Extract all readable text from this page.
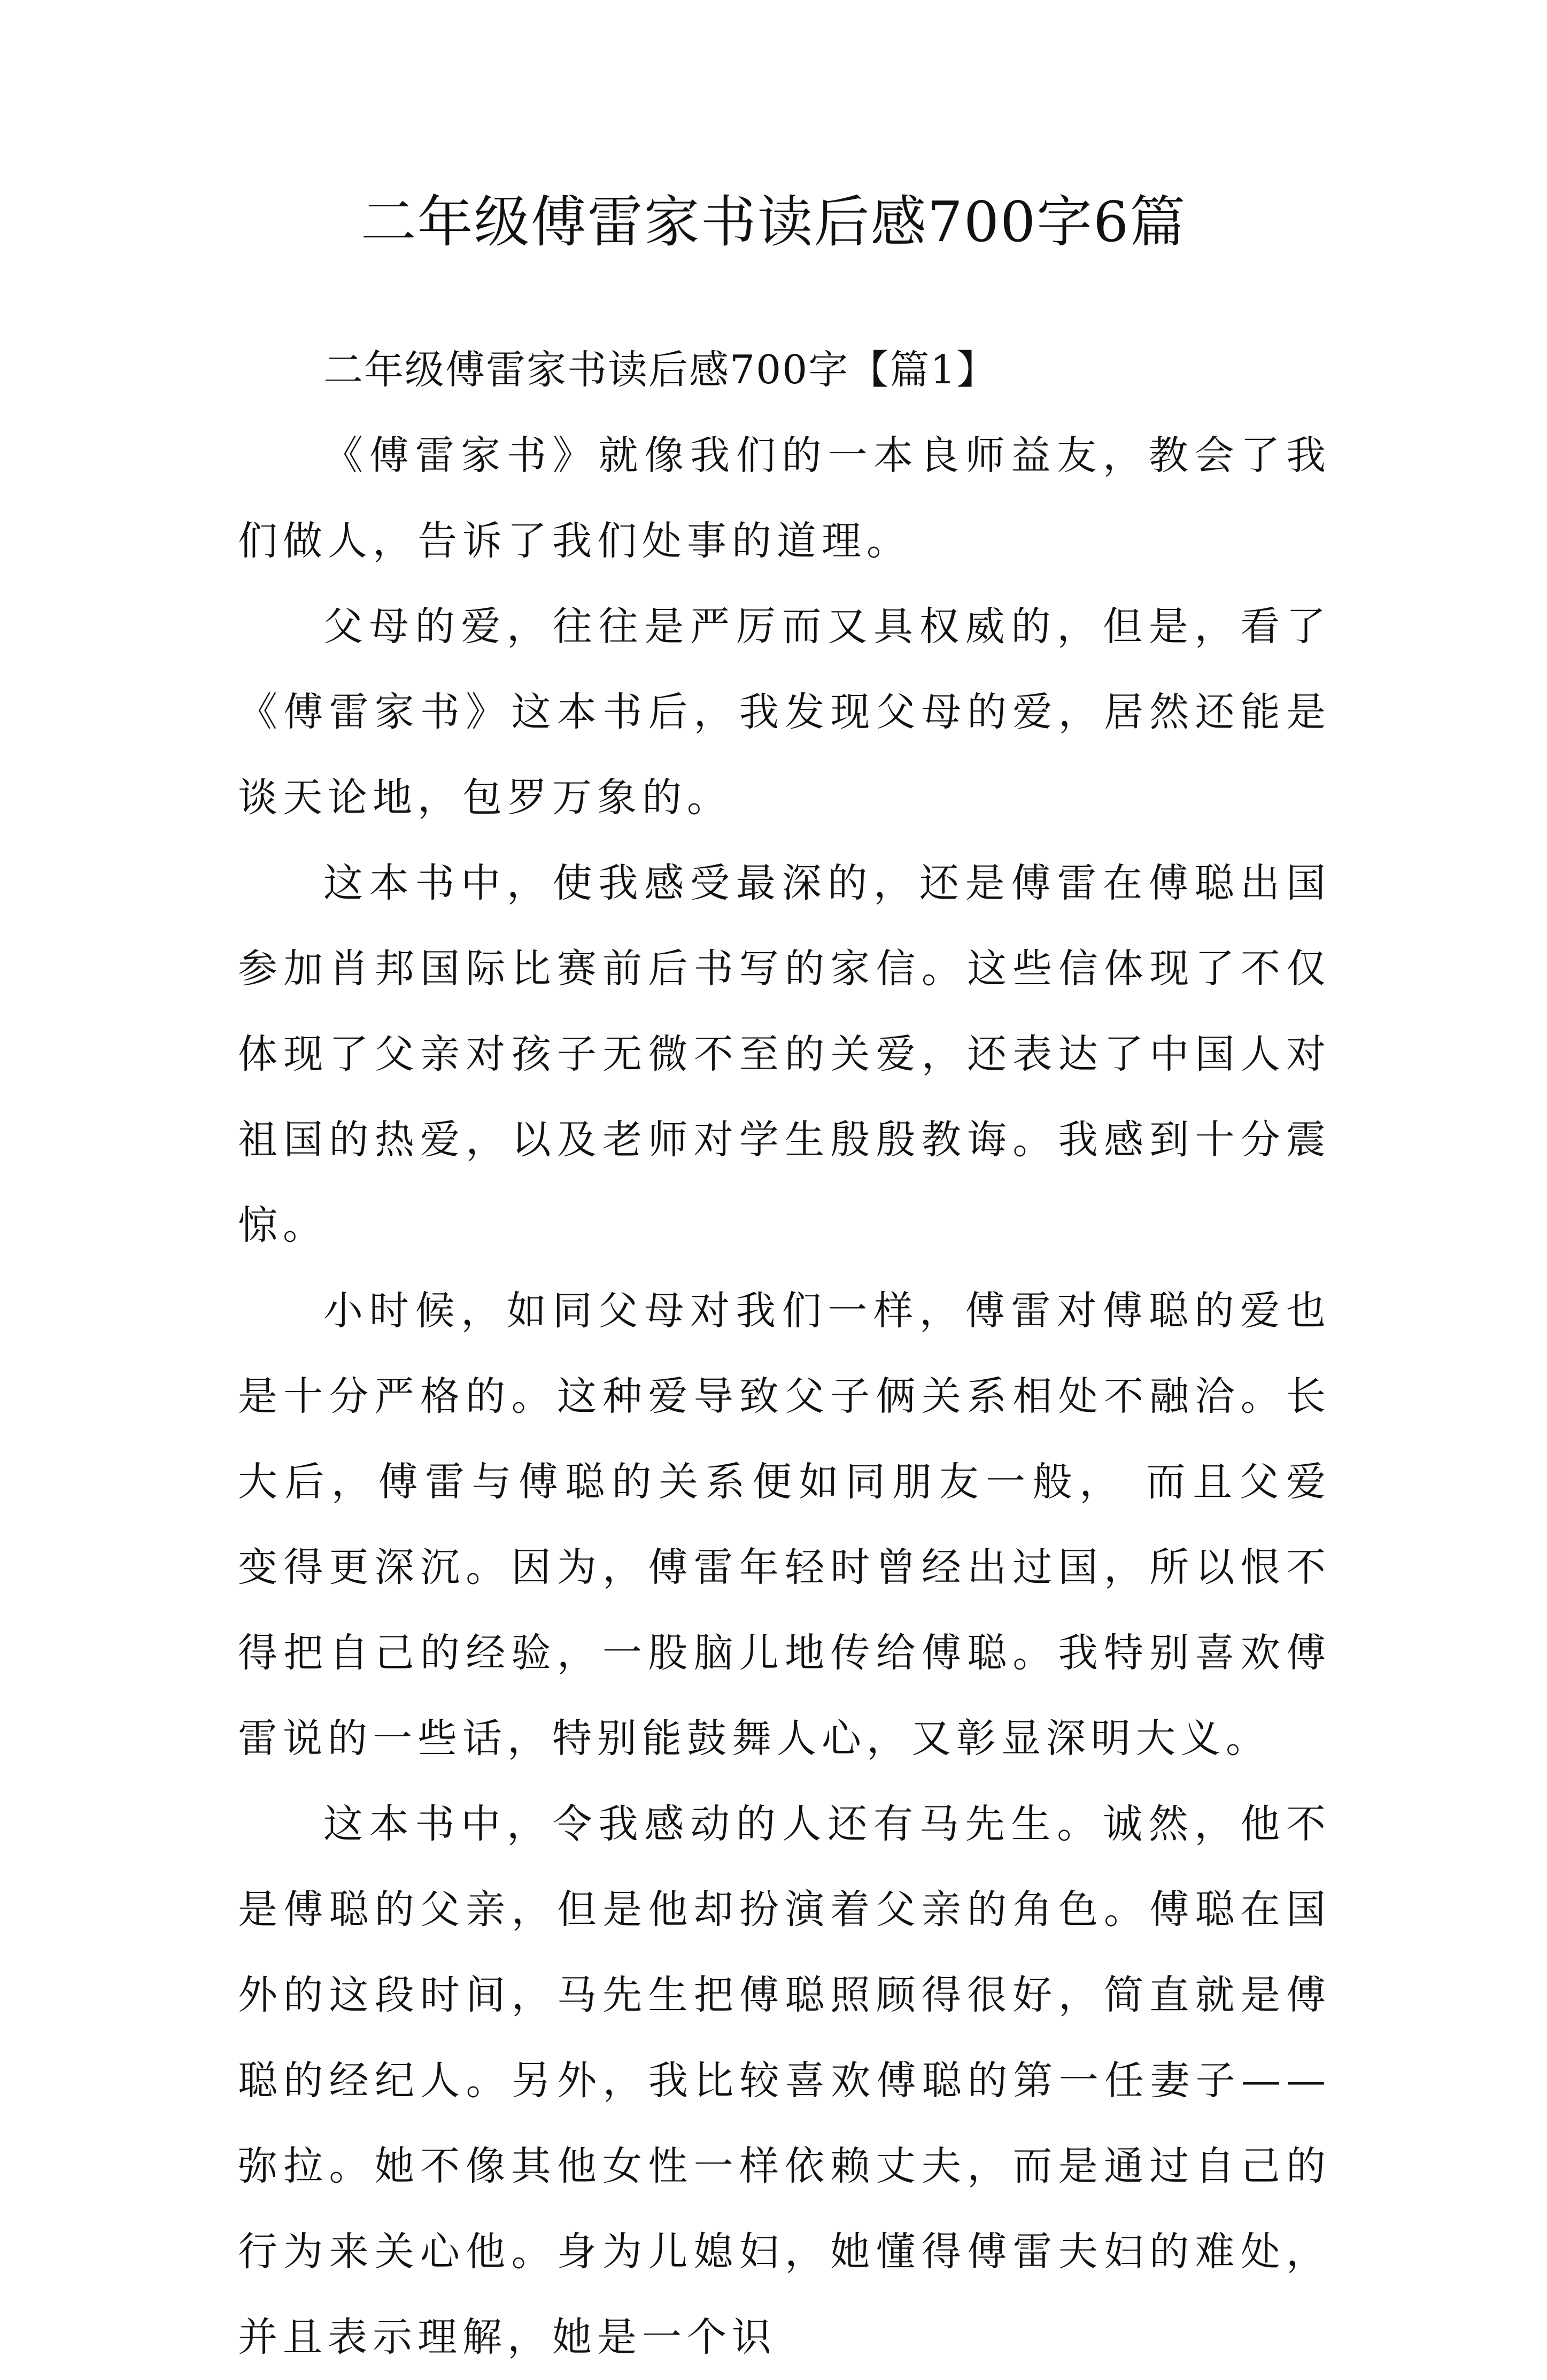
二年级傅雷家书读后感700字6篇

二年级傅雷家书读后感700字【篇1】

《傅雷家书》就像我们的一本良师益友，教会了我们做人，告诉了我们处事的道理。

父母的爱，往往是严厉而又具权威的，但是，看了《傅雷家书》这本书后，我发现父母的爱，居然还能是谈天论地，包罗万象的。

这本书中，使我感受最深的，还是傅雷在傅聪出国参加肖邦国际比赛前后书写的家信。这些信体现了不仅体现了父亲对孩子无微不至的关爱，还表达了中国人对祖国的热爱，以及老师对学生殷殷教诲。我感到十分震惊。

小时候，如同父母对我们一样，傅雷对傅聪的爱也是十分严格的。这种爱导致父子俩关系相处不融洽。长大后，傅雷与傅聪的关系便如同朋友一般， 而且父爱变得更深沉。因为，傅雷年轻时曾经出过国，所以恨不得把自己的经验，一股脑儿地传给傅聪。我特别喜欢傅雷说的一些话，特别能鼓舞人心，又彰显深明大义。

这本书中，令我感动的人还有马先生。诚然，他不是傅聪的父亲，但是他却扮演着父亲的角色。傅聪在国外的这段时间，马先生把傅聪照顾得很好，简直就是傅聪的经纪人。另外，我比较喜欢傅聪的第一任妻子——弥拉。她不像其他女性一样依赖丈夫，而是通过自己的行为来关心他。身为儿媳妇，她懂得傅雷夫妇的难处，并且表示理解，她是一个识
